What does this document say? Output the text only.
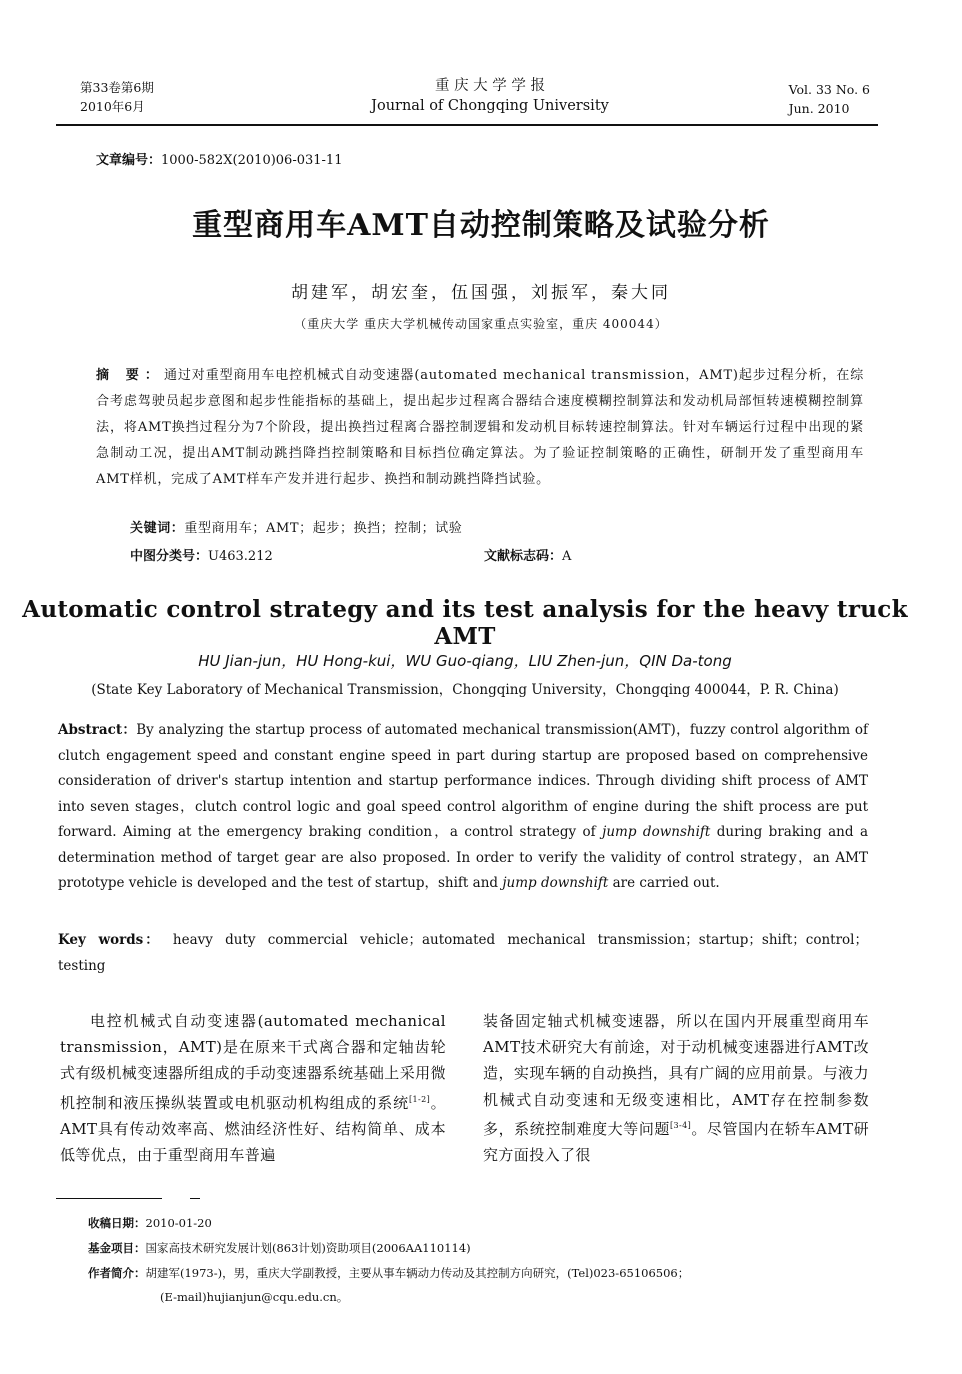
第33卷第6期
2010年6月
重 庆 大 学 学 报
Journal of Chongqing University
Vol. 33 No. 6
Jun. 2010
文章编号：1000-582X(2010)06-031-11
重型商用车AMT自动控制策略及试验分析
胡建军，胡宏奎，伍国强，刘振军，秦大同
（重庆大学 重庆大学机械传动国家重点实验室，重庆 400044）
摘 要：通过对重型商用车电控机械式自动变速器(automated mechanical transmission，AMT)起步过程分析，在综合考虑驾驶员起步意图和起步性能指标的基础上，提出起步过程离合器结合速度模糊控制算法和发动机局部恒转速模糊控制算法，将AMT换挡过程分为7个阶段，提出换挡过程离合器控制逻辑和发动机目标转速控制算法。针对车辆运行过程中出现的紧急制动工况，提出AMT制动跳挡降挡控制策略和目标挡位确定算法。为了验证控制策略的正确性，研制开发了重型商用车AMT样机，完成了AMT样车产发并进行起步、换挡和制动跳挡降挡试验。
关键词：重型商用车；AMT；起步；换挡；控制；试验
中图分类号：U463.212	文献标志码：A
Automatic control strategy and its test analysis for the heavy truck AMT
HU Jian-jun，HU Hong-kui，WU Guo-qiang，LIU Zhen-jun，QIN Da-tong
(State Key Laboratory of Mechanical Transmission，Chongqing University，Chongqing 400044，P. R. China)
Abstract：By analyzing the startup process of automated mechanical transmission(AMT)，fuzzy control algorithm of clutch engagement speed and constant engine speed in part during startup are proposed based on comprehensive consideration of driver's startup intention and startup performance indices. Through dividing shift process of AMT into seven stages，clutch control logic and goal speed control algorithm of engine during the shift process are put forward. Aiming at the emergency braking condition，a control strategy of jump downshift during braking and a determination method of target gear are also proposed. In order to verify the validity of control strategy，an AMT prototype vehicle is developed and the test of startup，shift and jump downshift are carried out.
Key words： heavy duty commercial vehicle；automated mechanical transmission；startup；shift；control；testing
电控机械式自动变速器(automated mechanical transmission，AMT)是在原来干式离合器和定轴齿轮式有级机械变速器所组成的手动变速器系统基础上采用微机控制和液压操纵装置或电机驱动机构组成的系统[1-2]。AMT具有传动效率高、燃油经济性好、结构简单、成本低等优点，由于重型商用车普遍
装备固定轴式机械变速器，所以在国内开展重型商用车AMT技术研究大有前途，对于动机械变速器进行AMT改造，实现车辆的自动换挡，具有广阔的应用前景。与液力机械式自动变速和无级变速相比，AMT存在控制参数多，系统控制难度大等问题[3-4]。尽管国内在轿车AMT研究方面投入了很
收稿日期：2010-01-20
基金项目：国家高技术研究发展计划(863计划)资助项目(2006AA110114)
作者简介：胡建军(1973-)，男，重庆大学副教授，主要从事车辆动力传动及其控制方向研究，(Tel)023-65106506；
(E-mail)hujianjun@cqu.edu.cn。
